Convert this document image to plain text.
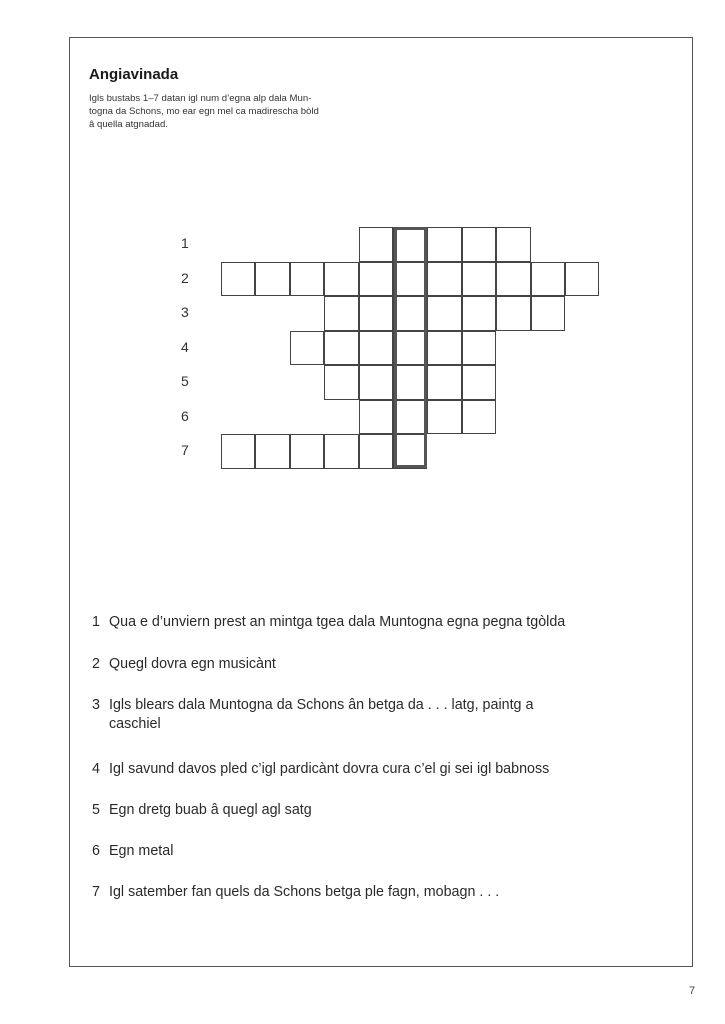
Angiavinada
Igls bustabs 1–7 datan igl num d’egna alp dala Mun-
togna da Schons, mo ear egn mel ca madirescha bòld
â quella atgnadad.
1
2
3
4
5
6
7
1 Qua e d’unviern prest an mintga tgea dala Muntogna egna pegna tgòlda
2 Quegl dovra egn musicànt
3 Igls blears dala Muntogna da Schons ân betga da . . . latg, paintg a
caschiel
4 Igl savund davos pled c’igl pardicànt dovra cura c’el gi sei igl babnoss
5 Egn dretg buab â quegl agl satg
6 Egn metal
7 Igl satember fan quels da Schons betga ple fagn, mobagn . . .
7
